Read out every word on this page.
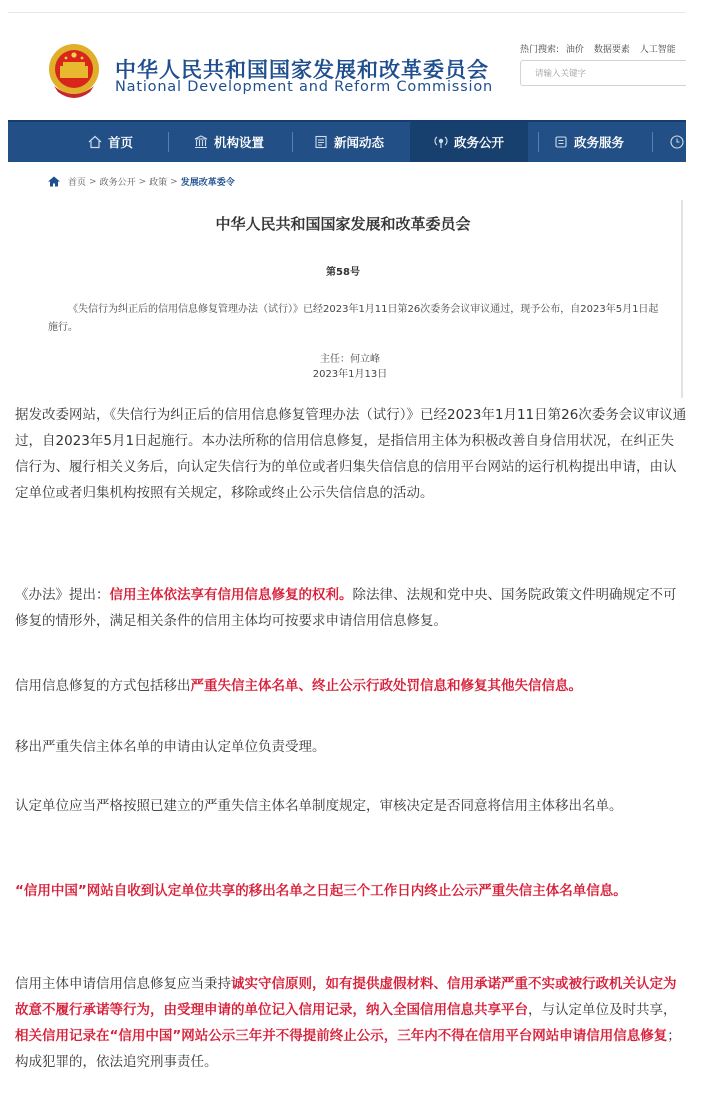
中华人民共和国国家发展和改革委员会
National Development and Reform Commission
热门搜索: 油价 数据要素 人工智能
请输入关键字
首页	机构设置	新闻动态	政务公开	政务服务
首页 > 政务公开 > 政策 > 发展改革委令
中华人民共和国国家发展和改革委员会
第58号
《失信行为纠正后的信用信息修复管理办法（试行）》已经2023年1月11日第26次委务会议审议通过，现予公布，自2023年5月1日起施行。
主任：何立峰
2023年1月13日

据发改委网站，《失信行为纠正后的信用信息修复管理办法（试行）》已经2023年1月11日第26次委务会议审议通过，自2023年5月1日起施行。本办法所称的信用信息修复，是指信用主体为积极改善自身信用状况，在纠正失信行为、履行相关义务后，向认定失信行为的单位或者归集失信信息的信用平台网站的运行机构提出申请，由认定单位或者归集机构按照有关规定，移除或终止公示失信信息的活动。

《办法》提出：信用主体依法享有信用信息修复的权利。除法律、法规和党中央、国务院政策文件明确规定不可修复的情形外，满足相关条件的信用主体均可按要求申请信用信息修复。

信用信息修复的方式包括移出严重失信主体名单、终止公示行政处罚信息和修复其他失信信息。

移出严重失信主体名单的申请由认定单位负责受理。

认定单位应当严格按照已建立的严重失信主体名单制度规定，审核决定是否同意将信用主体移出名单。

“信用中国”网站自收到认定单位共享的移出名单之日起三个工作日内终止公示严重失信主体名单信息。

信用主体申请信用信息修复应当秉持诚实守信原则，如有提供虚假材料、信用承诺严重不实或被行政机关认定为故意不履行承诺等行为，由受理申请的单位记入信用记录，纳入全国信用信息共享平台，与认定单位及时共享，相关信用记录在“信用中国”网站公示三年并不得提前终止公示，三年内不得在信用平台网站申请信用信息修复；构成犯罪的，依法追究刑事责任。
